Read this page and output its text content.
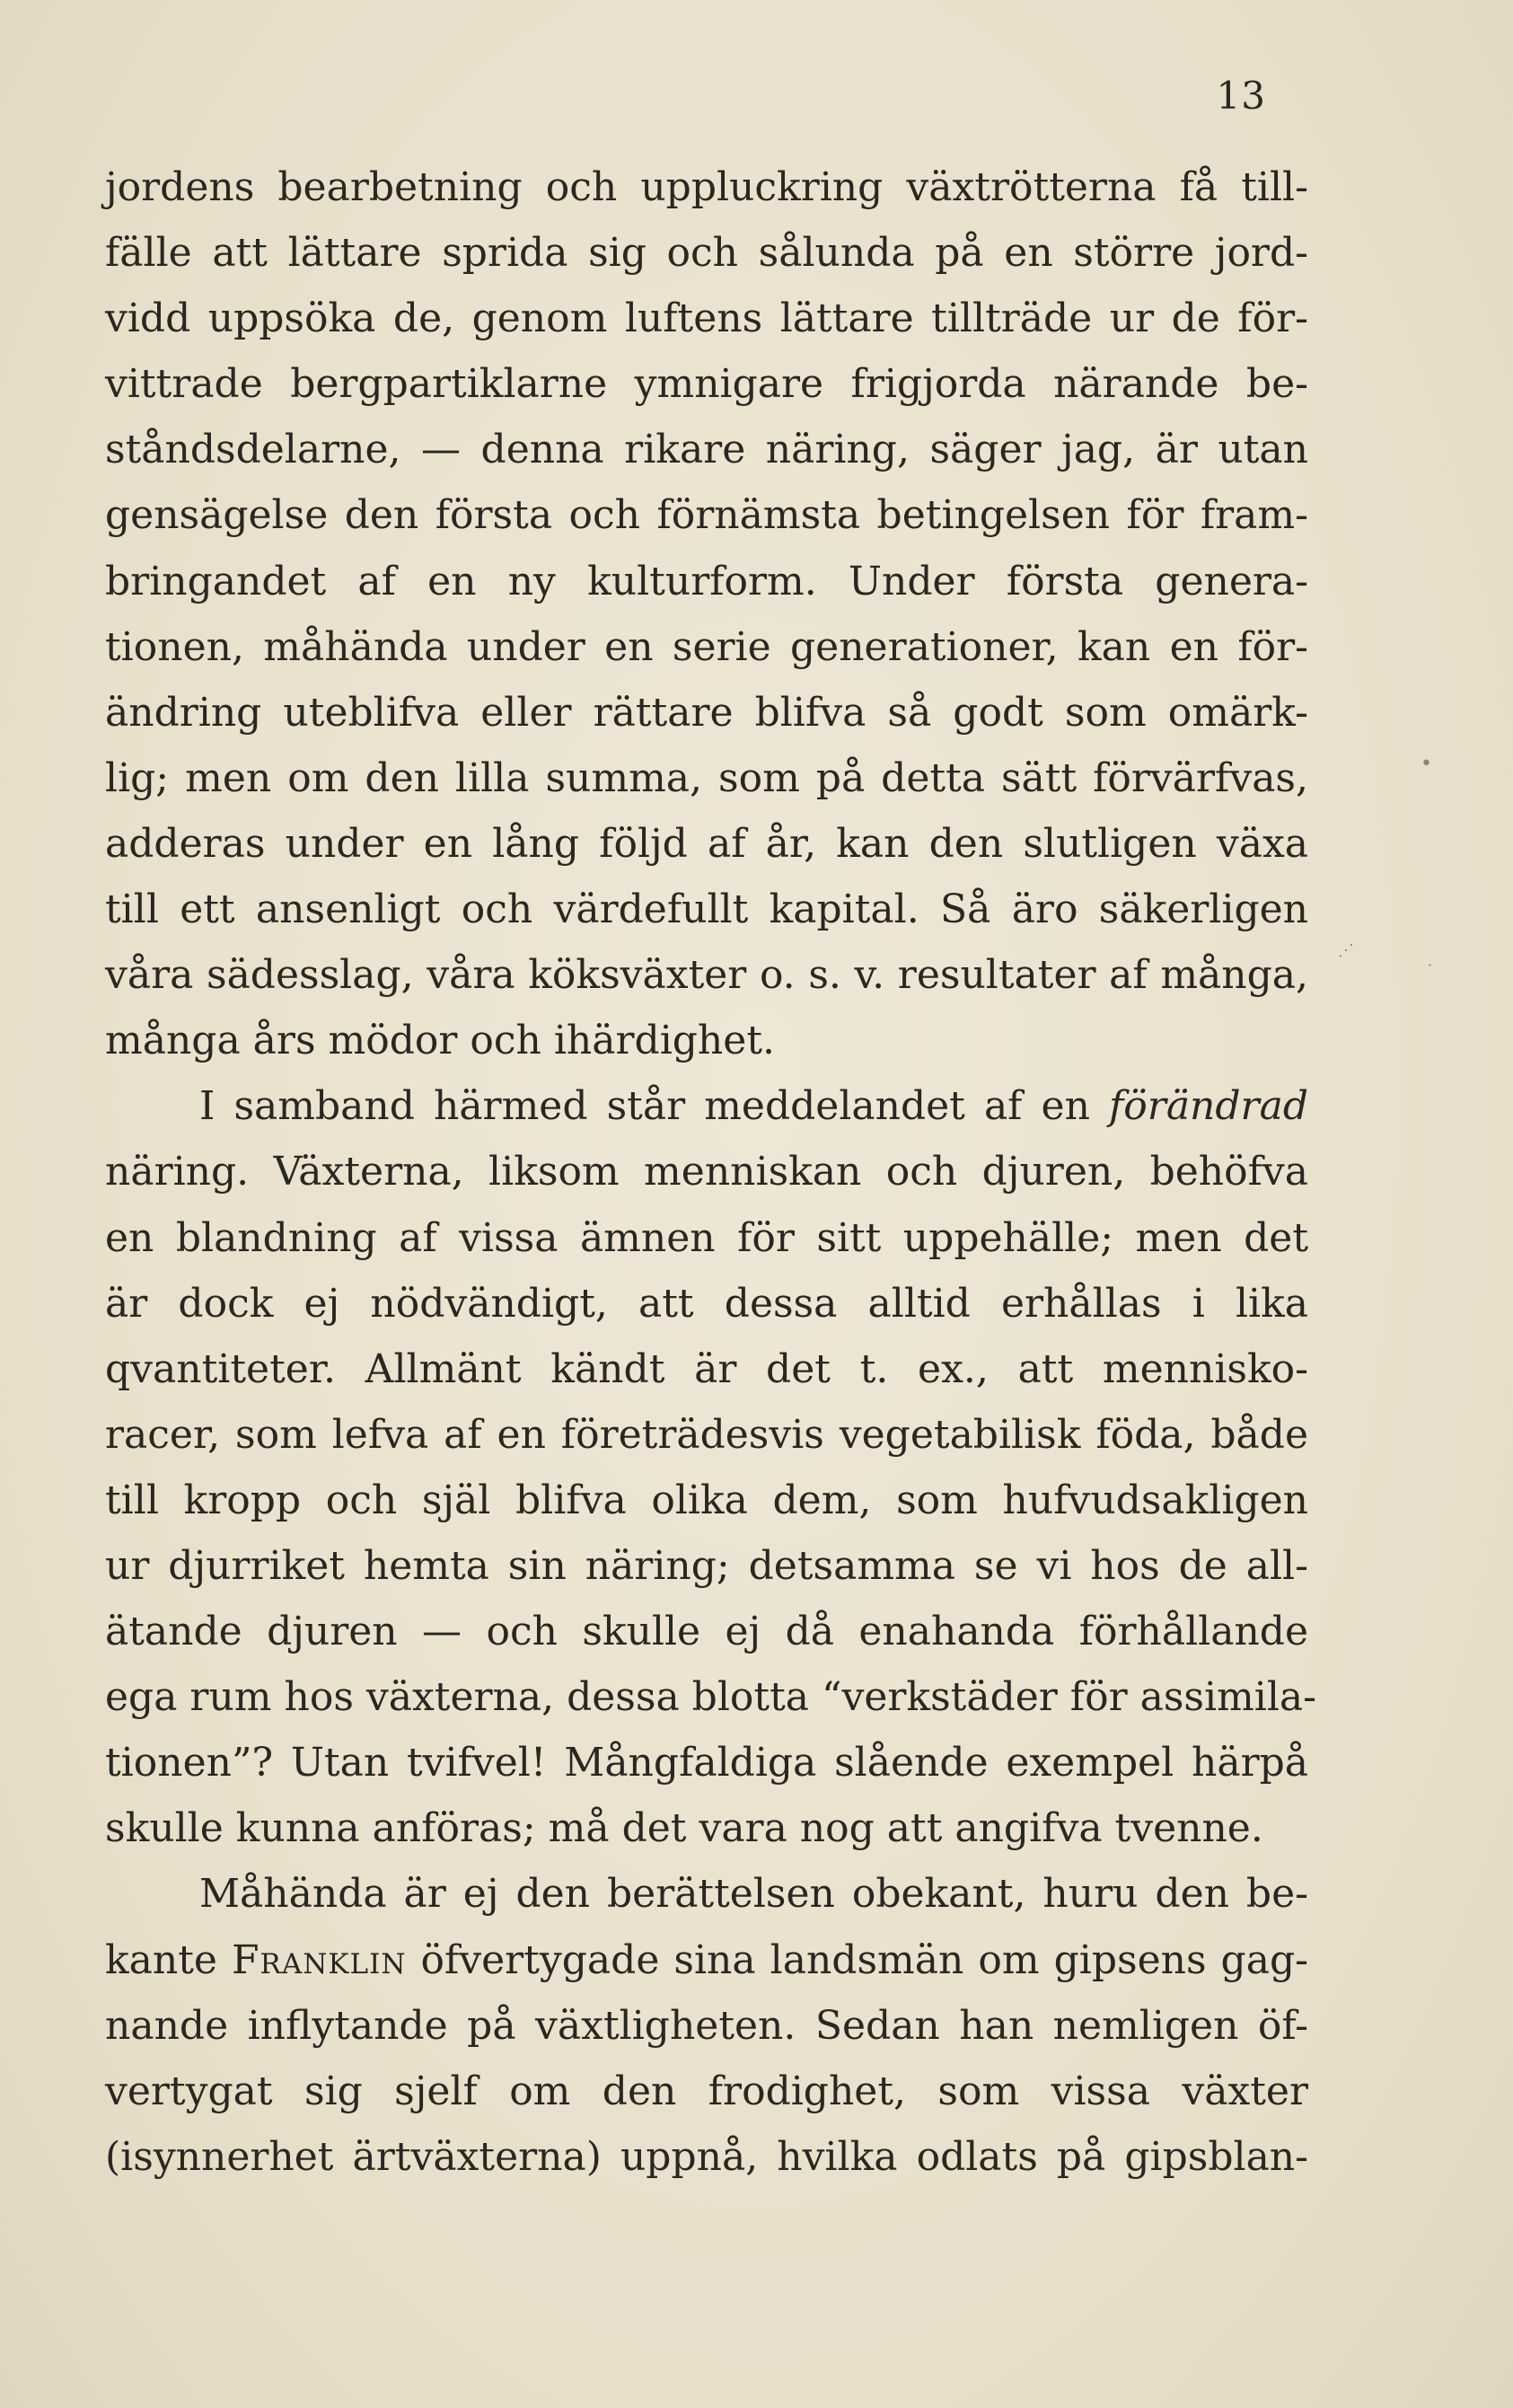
13
jordens bearbetning och uppluckring växtrötterna få till-
fälle att lättare sprida sig och sålunda på en större jord-
vidd uppsöka de, genom luftens lättare tillträde ur de för-
vittrade bergpartiklarne ymnigare frigjorda närande be-
ståndsdelarne, — denna rikare näring, säger jag, är utan
gensägelse den första och förnämsta betingelsen för fram-
bringandet af en ny kulturform. Under första genera-
tionen, måhända under en serie generationer, kan en för-
ändring uteblifva eller rättare blifva så godt som omärk-
lig; men om den lilla summa, som på detta sätt förvärfvas,
adderas under en lång följd af år, kan den slutligen växa
till ett ansenligt och värdefullt kapital. Så äro säkerligen
våra sädesslag, våra köksväxter o. s. v. resultater af många,
många års mödor och ihärdighet.
I samband härmed står meddelandet af en förändrad
näring. Växterna, liksom menniskan och djuren, behöfva
en blandning af vissa ämnen för sitt uppehälle; men det
är dock ej nödvändigt, att dessa alltid erhållas i lika
qvantiteter. Allmänt kändt är det t. ex., att mennisko-
racer, som lefva af en företrädesvis vegetabilisk föda, både
till kropp och själ blifva olika dem, som hufvudsakligen
ur djurriket hemta sin näring; detsamma se vi hos de all-
ätande djuren — och skulle ej då enahanda förhållande
ega rum hos växterna, dessa blotta “verkstäder för assimila-
tionen”? Utan tvifvel! Mångfaldiga slående exempel härpå
skulle kunna anföras; må det vara nog att angifva tvenne.
Måhända är ej den berättelsen obekant, huru den be-
kante Franklin öfvertygade sina landsmän om gipsens gag-
nande inflytande på växtligheten. Sedan han nemligen öf-
vertygat sig sjelf om den frodighet, som vissa växter
(isynnerhet ärtväxterna) uppnå, hvilka odlats på gipsblan-
•
⋰
·
